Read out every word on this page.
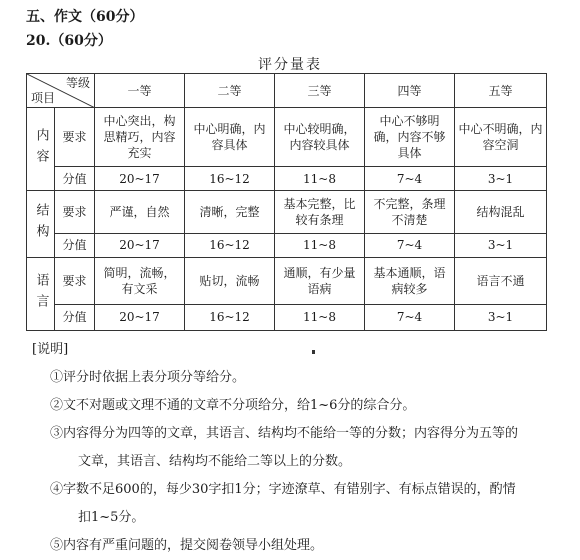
五、作文（60分）
20.（60分）
评分量表
等级
项目		一等	二等	三等	四等	五等
内容	要求	中心突出，构思精巧，内容充实	中心明确，内容具体	中心较明确，内容较具体	中心不够明确，内容不够具体	中心不明确，内容空洞
	分值	20~17	16~12	11~8	7~4	3~1
结构	要求	严谨，自然	清晰，完整	基本完整，比较有条理	不完整，条理不清楚	结构混乱
	分值	20~17	16~12	11~8	7~4	3~1
语言	要求	简明，流畅，有文采	贴切，流畅	通顺，有少量语病	基本通顺，语病较多	语言不通
	分值	20~17	16~12	11~8	7~4	3~1
[说明]
①评分时依据上表分项分等给分。
②文不对题或文理不通的文章不分项给分，给1~6分的综合分。
③内容得分为四等的文章，其语言、结构均不能给一等的分数；内容得分为五等的
文章，其语言、结构均不能给二等以上的分数。
④字数不足600的，每少30字扣1分；字迹潦草、有错别字、有标点错误的，酌情
扣1~5分。
⑤内容有严重问题的，提交阅卷领导小组处理。
